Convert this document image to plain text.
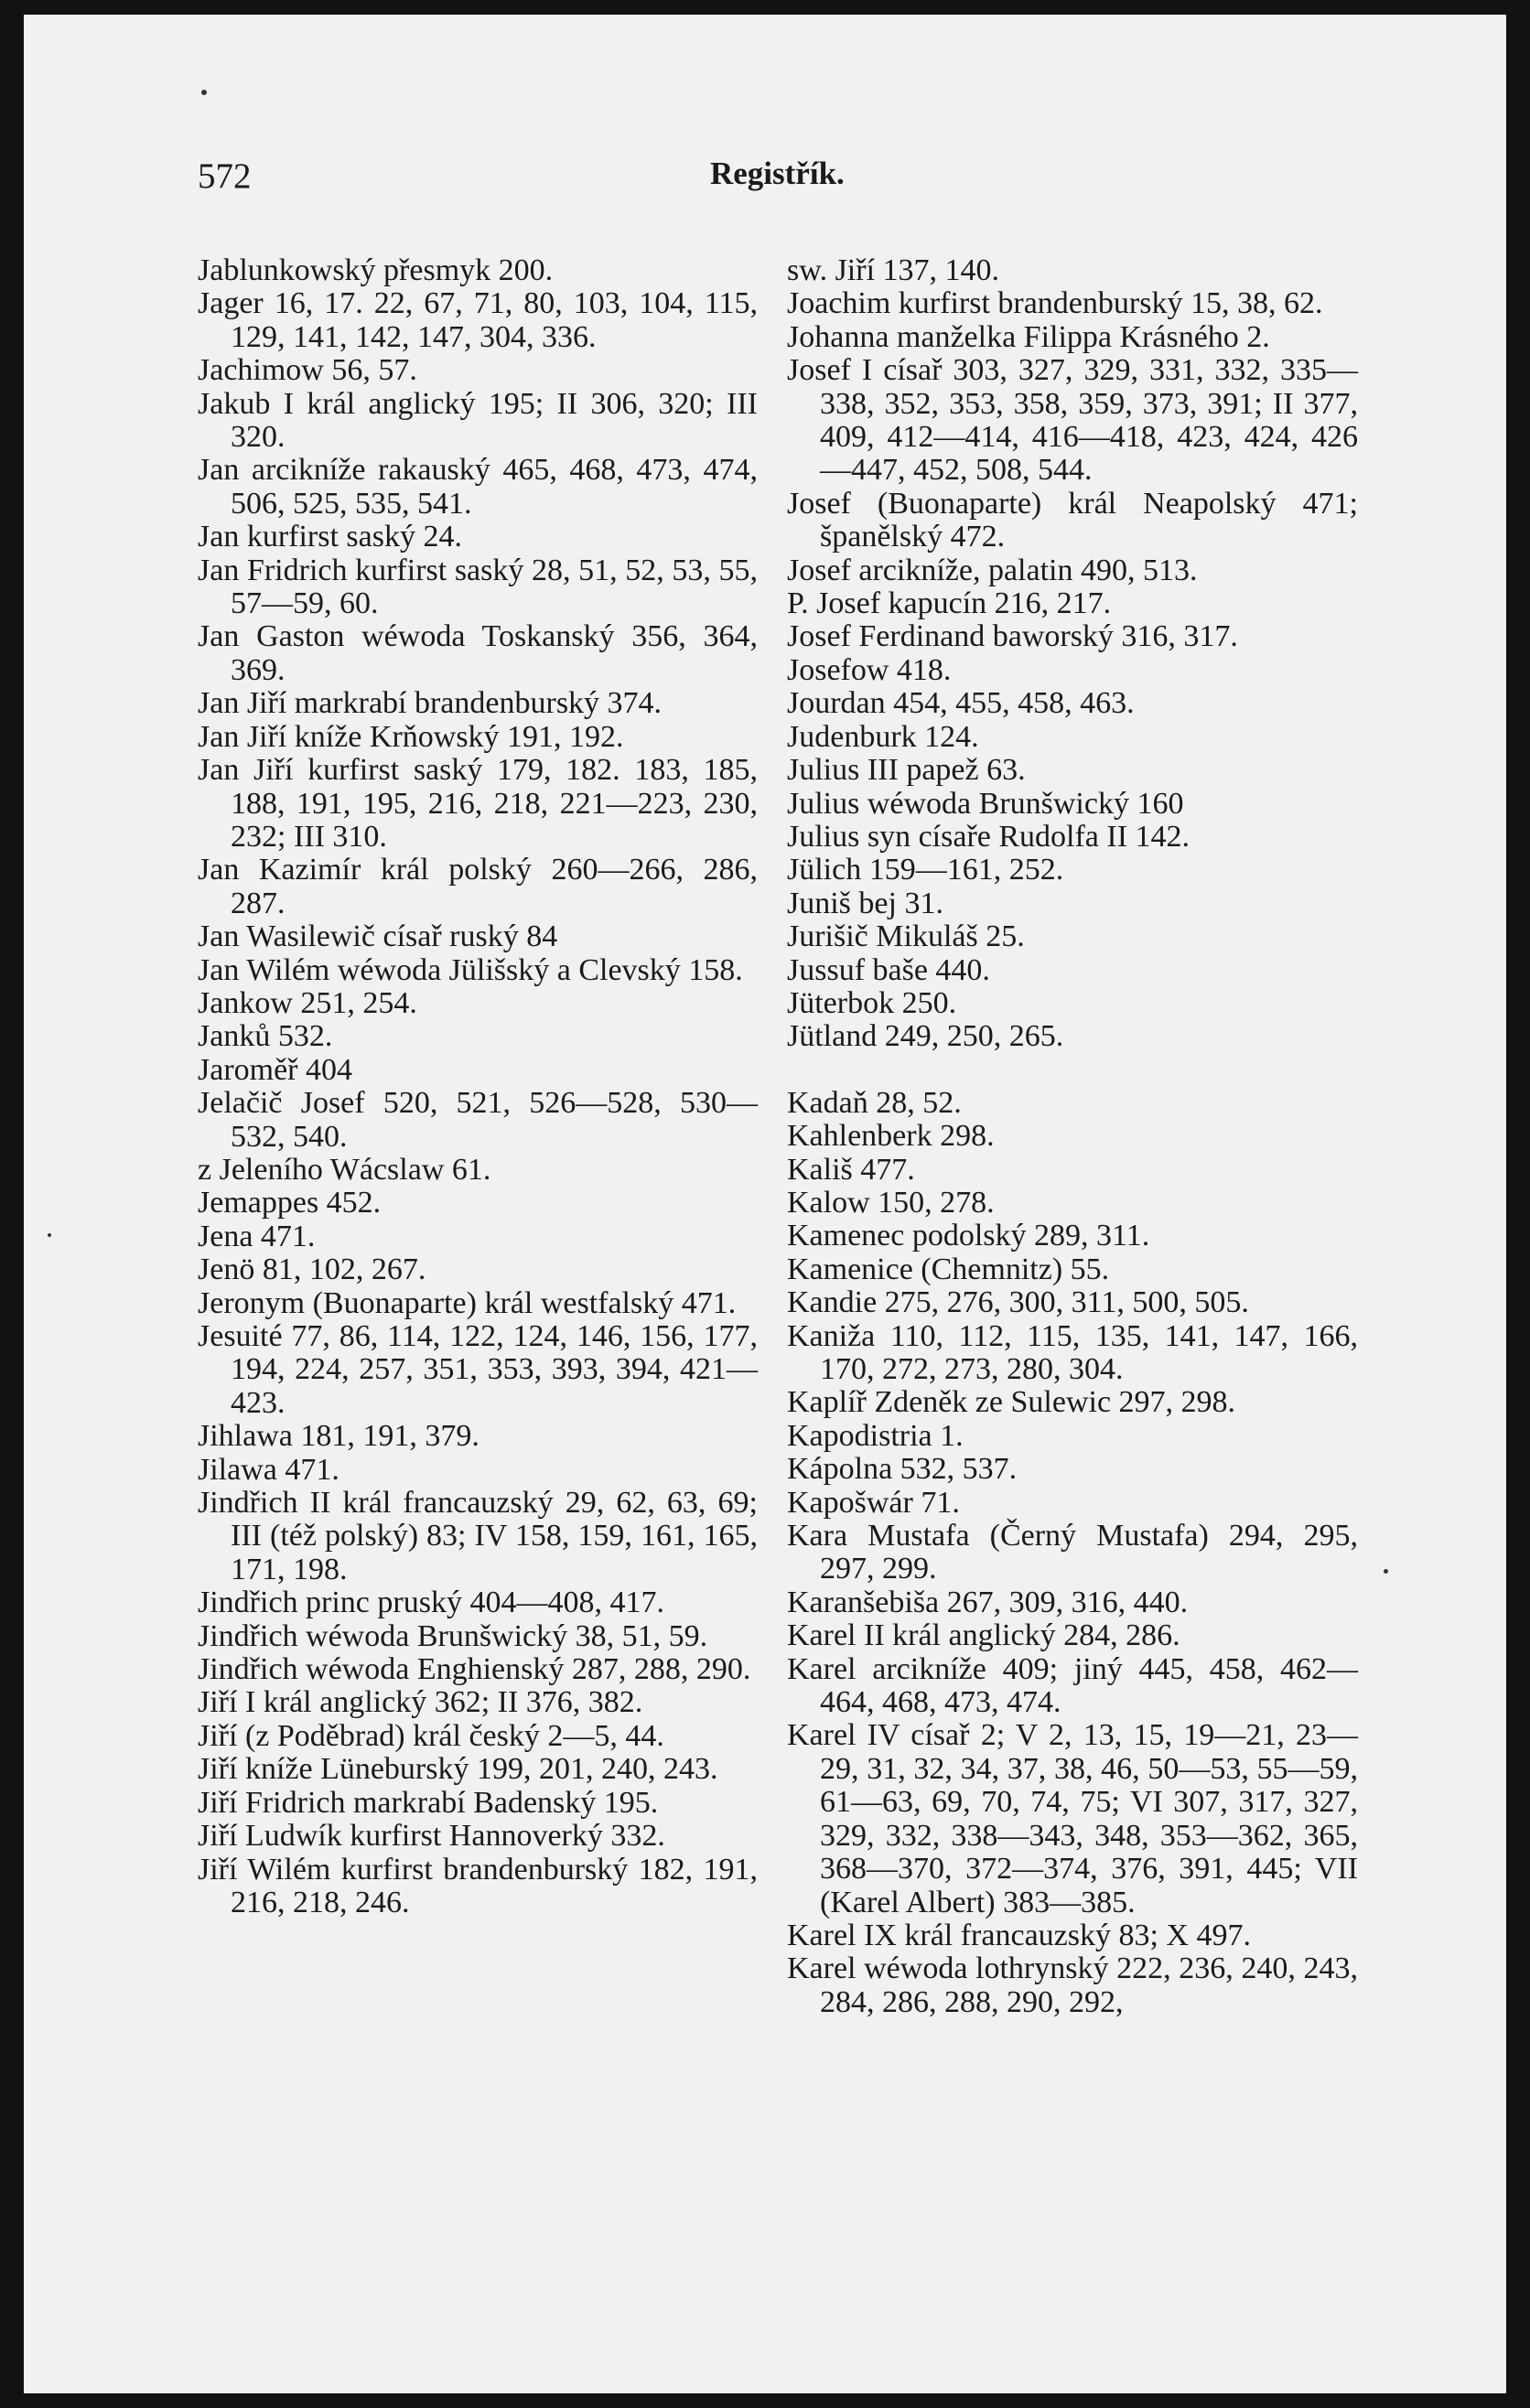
572	Registřík.
Jablunkowský přesmyk 200.
Jager 16, 17. 22, 67, 71, 80, 103, 104, 115, 129, 141, 142, 147, 304, 336.
Jachimow 56, 57.
Jakub I král anglický 195; II 306, 320; III 320.
Jan arcikníže rakauský 465, 468, 473, 474, 506, 525, 535, 541.
Jan kurfirst saský 24.
Jan Fridrich kurfirst saský 28, 51, 52, 53, 55, 57—59, 60.
Jan Gaston wéwoda Toskanský 356, 364, 369.
Jan Jiří markrabí brandenburský 374.
Jan Jiří kníže Krňowský 191, 192.
Jan Jiří kurfirst saský 179, 182. 183, 185, 188, 191, 195, 216, 218, 221—223, 230, 232; III 310.
Jan Kazimír král polský 260—266, 286, 287.
Jan Wasilewič císař ruský 84
Jan Wilém wéwoda Jülišský a Clevský 158.
Jankow 251, 254.
Janků 532.
Jaroměř 404
Jelačič Josef 520, 521, 526—528, 530—532, 540.
z Jeleního Wácslaw 61.
Jemappes 452.
Jena 471.
Jenö 81, 102, 267.
Jeronym (Buonaparte) král westfalský 471.
Jesuité 77, 86, 114, 122, 124, 146, 156, 177, 194, 224, 257, 351, 353, 393, 394, 421—423.
Jihlawa 181, 191, 379.
Jilawa 471.
Jindřich II král francauzský 29, 62, 63, 69; III (též polský) 83; IV 158, 159, 161, 165, 171, 198.
Jindřich princ pruský 404—408, 417.
Jindřich wéwoda Brunšwický 38, 51, 59.
Jindřich wéwoda Enghienský 287, 288, 290.
Jiří I král anglický 362; II 376, 382.
Jiří (z Poděbrad) král český 2—5, 44.
Jiří kníže Lüneburský 199, 201, 240, 243.
Jiří Fridrich markrabí Badenský 195.
Jiří Ludwík kurfirst Hannoverký 332.
Jiří Wilém kurfirst brandenburský 182, 191, 216, 218, 246.
sw. Jiří 137, 140.
Joachim kurfirst brandenburský 15, 38, 62.
Johanna manželka Filippa Krásného 2.
Josef I císař 303, 327, 329, 331, 332, 335—338, 352, 353, 358, 359, 373, 391; II 377, 409, 412—414, 416—418, 423, 424, 426—447, 452, 508, 544.
Josef (Buonaparte) král Neapolský 471; španělský 472.
Josef arcikníže, palatin 490, 513.
P. Josef kapucín 216, 217.
Josef Ferdinand baworský 316, 317.
Josefow 418.
Jourdan 454, 455, 458, 463.
Judenburk 124.
Julius III papež 63.
Julius wéwoda Brunšwický 160
Julius syn císaře Rudolfa II 142.
Jülich 159—161, 252.
Juniš bej 31.
Jurišič Mikuláš 25.
Jussuf baše 440.
Jüterbok 250.
Jütland 249, 250, 265.
Kadaň 28, 52.
Kahlenberk 298.
Kališ 477.
Kalow 150, 278.
Kamenec podolský 289, 311.
Kamenice (Chemnitz) 55.
Kandie 275, 276, 300, 311, 500, 505.
Kaniža 110, 112, 115, 135, 141, 147, 166, 170, 272, 273, 280, 304.
Kaplíř Zdeněk ze Sulewic 297, 298.
Kapodistria 1.
Kápolna 532, 537.
Kapošwár 71.
Kara Mustafa (Černý Mustafa) 294, 295, 297, 299.
Karanšebiša 267, 309, 316, 440.
Karel II král anglický 284, 286.
Karel arcikníže 409; jiný 445, 458, 462—464, 468, 473, 474.
Karel IV císař 2; V 2, 13, 15, 19—21, 23—29, 31, 32, 34, 37, 38, 46, 50—53, 55—59, 61—63, 69, 70, 74, 75; VI 307, 317, 327, 329, 332, 338—343, 348, 353—362, 365, 368—370, 372—374, 376, 391, 445; VII (Karel Albert) 383—385.
Karel IX král francauzský 83; X 497.
Karel wéwoda lothrynský 222, 236, 240, 243, 284, 286, 288, 290, 292,
